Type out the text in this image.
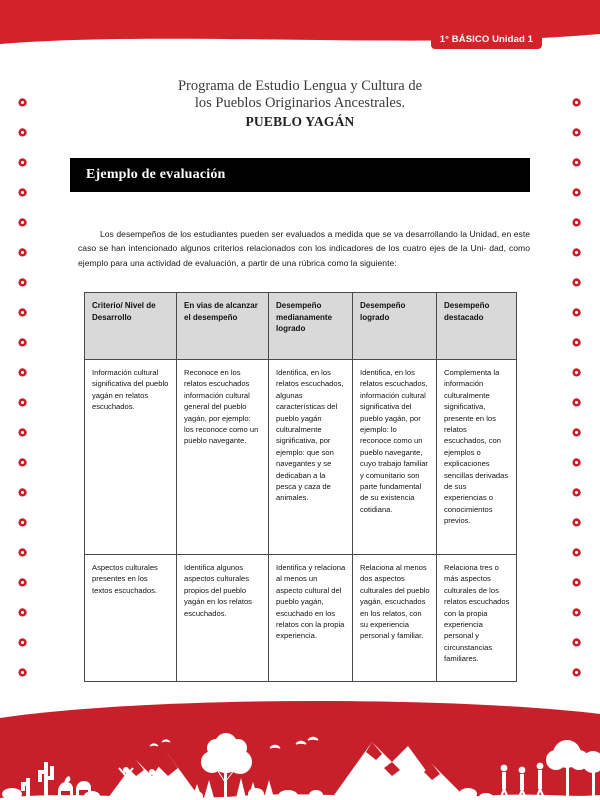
1° BÁSICO Unidad 1
Programa de Estudio Lengua y Cultura de
los Pueblos Originarios Ancestrales.
PUEBLO YAGÁN
Ejemplo de evaluación

Los desempeños de los estudiantes pueden ser evaluados a medida que se va desarrollando la Unidad, en este caso se han intencionado algunos criterios relacionados con los indicadores de los cuatro ejes de la Uni- dad, como ejemplo para una actividad de evaluación, a partir de una rúbrica como la siguiente:

Criterio/ Nivel de Desarrollo	En vias de alcanzar el desempeño	Desempeño medianamente logrado	Desempeño logrado	Desempeño destacado
Información cultural significativa del pueblo yagán en relatos escuchados.	Reconoce en los relatos escuchados información cultural general del pueblo yagán, por ejemplo: los reconoce como un pueblo navegante.	Identifica, en los relatos escuchados, algunas características del pueblo yagán culturalmente significativa, por ejemplo: que son navegantes y se dedicaban a la pesca y caza de animales.	Identifica, en los relatos escuchados, información cultural significativa del pueblo yagán, por ejemplo: lo reconoce como un pueblo navegante, cuyo trabajo familiar y comunitario son parte fundamental de su existencia cotidiana.	Complementa la información culturalmente significativa, presente en los relatos escuchados, con ejemplos o explicaciones sencillas derivadas de sus experiencias o conocimientos previos.
Aspectos culturales presentes en los textos escuchados.	Identifica algunos aspectos culturales propios del pueblo yagán en los relatos escuchados.	Identifica y relaciona al menos un aspecto cultural del pueblo yagán, escuchado en los relatos con la propia experiencia.	Relaciona al menos dos aspectos culturales del pueblo yagán, escuchados en los relatos, con su experiencia personal y familiar.	Relaciona tres o más aspectos culturales de los relatos escuchados con la propia experiencia personal y circunstancias familiares.
